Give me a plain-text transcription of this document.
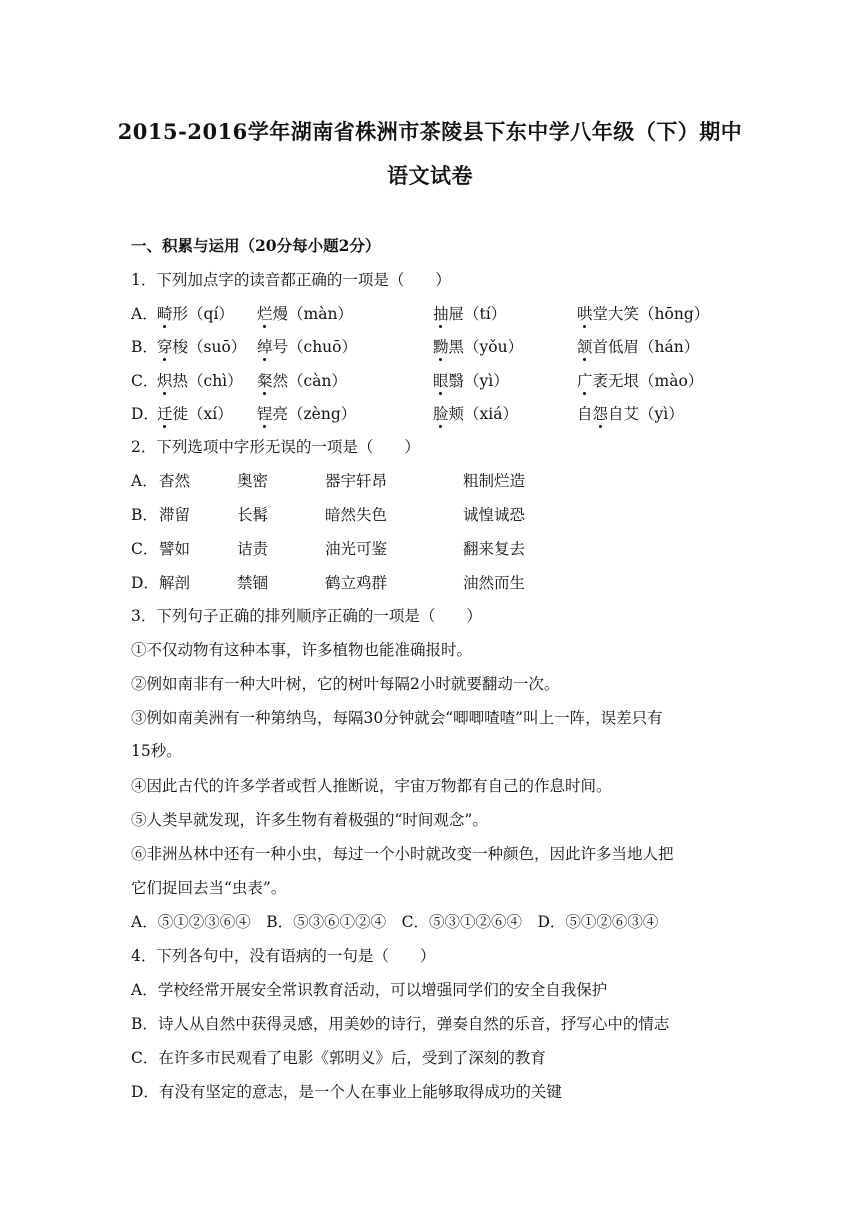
2015-2016学年湖南省株洲市茶陵县下东中学八年级（下）期中
语文试卷
一、积累与运用（20分每小题2分）
1．下列加点字的读音都正确的一项是（　　）
2．下列选项中字形无误的一项是（　　）
3．下列句子正确的排列顺序正确的一项是（　　）
A．⑤①②③⑥④　B．⑤③⑥①②④　C．⑤③①②⑥④　D．⑤①②⑥③④
4．下列各句中，没有语病的一句是（　　）
A． 畸形（qí） 烂熳（màn）	抽屉（tí）	哄堂大笑（hōng）
B． 穿梭（suō） 绰号（chuō）	黝黑（yǒu）	颔首低眉（hán）
C．
炽热（chì） 粲然（càn）	眼翳（yì）	广袤无垠（mào）
D．
迁徙（xí） 锃亮（zèng）	脸颊（xiá）	自怨自艾（yì）
A． 杳然	奥密	器宇轩昂	粗制烂造
B． 滞留	长髯	暗然失色	诚惶诚恐
C． 譬如	诘责	油光可鉴	翻来复去
D． 解剖	禁锢	鹤立鸡群	油然而生
①不仅动物有这种本事，许多植物也能准确报时。
②例如南非有一种大叶树，它的树叶每隔2小时就要翻动一次。
③例如南美洲有一种第纳鸟，每隔30分钟就会“唧唧喳喳”叫上一阵，误差只有
15秒。
④因此古代的许多学者或哲人推断说，宇宙万物都有自己的作息时间。
⑤人类早就发现，许多生物有着极强的“时间观念”。
⑥非洲丛林中还有一种小虫，每过一个小时就改变一种颜色，因此许多当地人把
它们捉回去当“虫表”。
A．学校经常开展安全常识教育活动，可以增强同学们的安全自我保护
B．诗人从自然中获得灵感，用美妙的诗行，弹奏自然的乐音，抒写心中的情志
C．在许多市民观看了电影《郭明义》后，受到了深刻的教育
D．有没有坚定的意志，是一个人在事业上能够取得成功的关键
